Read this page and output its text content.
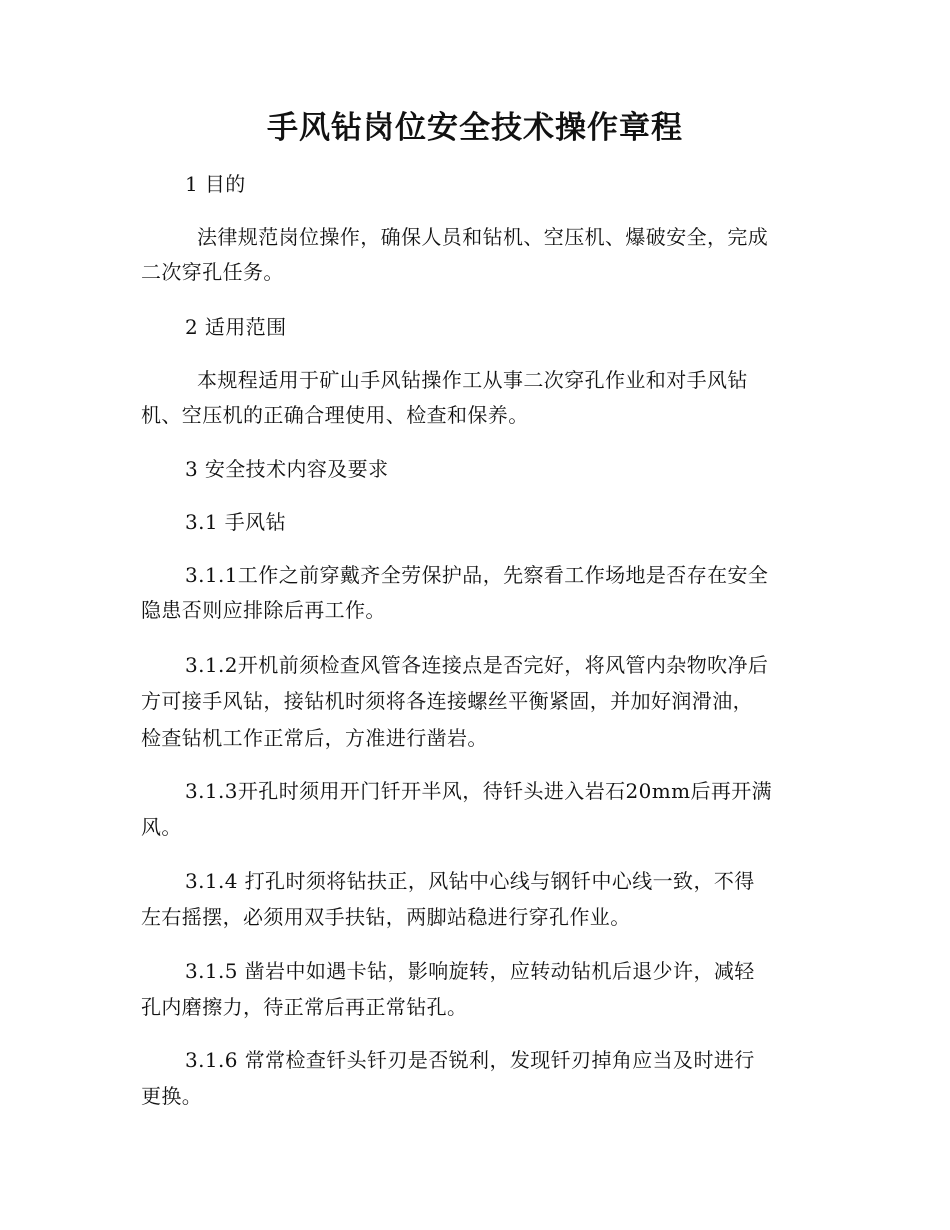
手风钻岗位安全技术操作章程
1 目的
法律规范岗位操作，确保人员和钻机、空压机、爆破安全，完成
二次穿孔任务。
2 适用范围
本规程适用于矿山手风钻操作工从事二次穿孔作业和对手风钻
机、空压机的正确合理使用、检查和保养。
3 安全技术内容及要求
3.1 手风钻
3.1.1工作之前穿戴齐全劳保护品，先察看工作场地是否存在安全
隐患否则应排除后再工作。
3.1.2开机前须检查风管各连接点是否完好，将风管内杂物吹净后
方可接手风钻，接钻机时须将各连接螺丝平衡紧固，并加好润滑油，
检查钻机工作正常后，方准进行凿岩。
3.1.3开孔时须用开门钎开半风，待钎头进入岩石20mm后再开满
风。
3.1.4 打孔时须将钻扶正，风钻中心线与钢钎中心线一致，不得
左右摇摆，必须用双手扶钻，两脚站稳进行穿孔作业。
3.1.5 凿岩中如遇卡钻，影响旋转，应转动钻机后退少许，减轻
孔内磨擦力，待正常后再正常钻孔。
3.1.6 常常检查钎头钎刃是否锐利，发现钎刃掉角应当及时进行
更换。
